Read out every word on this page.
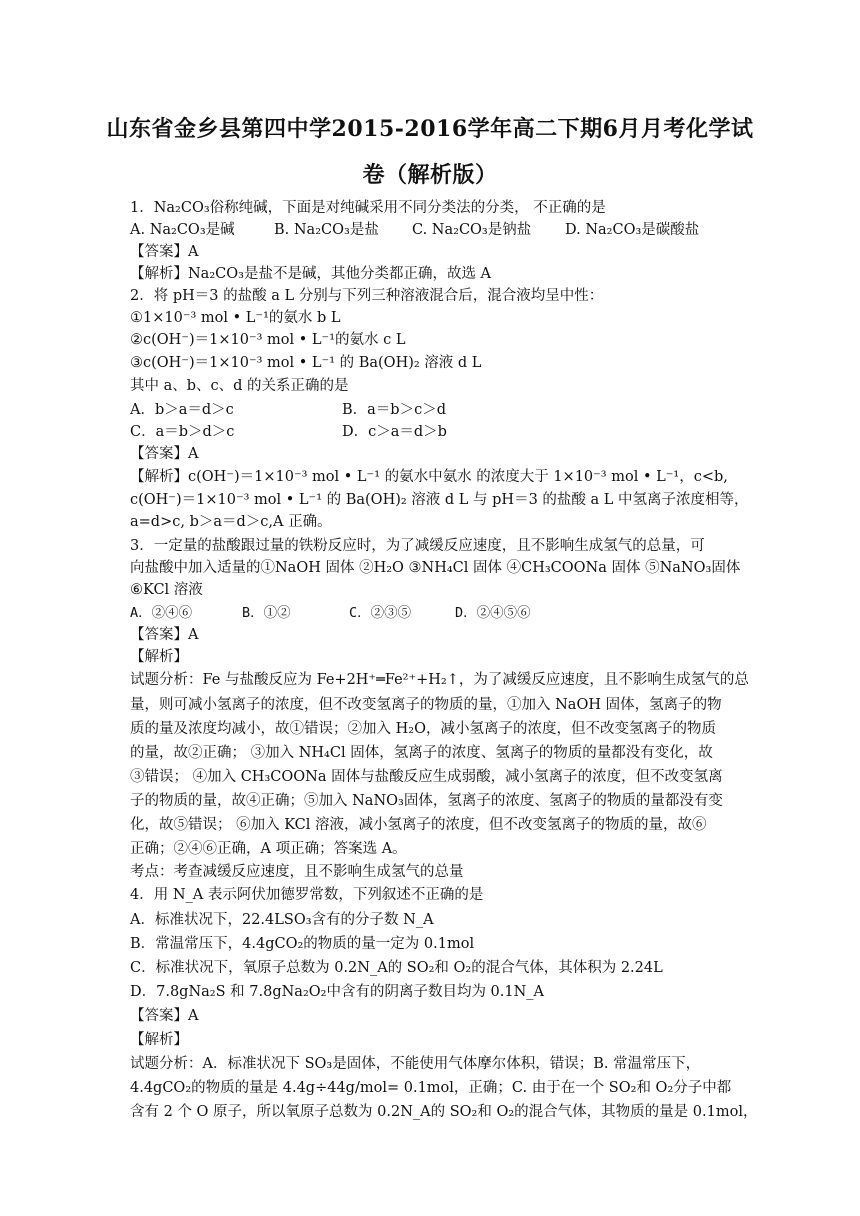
山东省金乡县第四中学2015-2016学年高二下期6月月考化学试
卷（解析版）
1．Na₂CO₃俗称纯碱，下面是对纯碱采用不同分类法的分类， 不正确的是
A. Na₂CO₃是碱	B. Na₂CO₃是盐 C. Na₂CO₃是钠盐 D. Na₂CO₃是碳酸盐
【答案】A
【解析】Na₂CO₃是盐不是碱，其他分类都正确，故选 A
2．将 pH＝3 的盐酸 a L 分别与下列三种溶液混合后，混合液均呈中性：
①1×10⁻³ mol • L⁻¹的氨水 b L
②c(OH⁻)＝1×10⁻³ mol • L⁻¹的氨水 c L
③c(OH⁻)＝1×10⁻³ mol • L⁻¹ 的 Ba(OH)₂ 溶液 d L
其中 a、b、c、d 的关系正确的是
A．b＞a＝d＞c	B．a＝b＞c＞d
C．a＝b＞d＞c	D．c＞a＝d＞b
【答案】A
【解析】c(OH⁻)＝1×10⁻³ mol • L⁻¹ 的氨水中氨水 的浓度大于 1×10⁻³ mol • L⁻¹，c<b,
c(OH⁻)＝1×10⁻³ mol • L⁻¹ 的 Ba(OH)₂ 溶液 d L 与 pH＝3 的盐酸 a L 中氢离子浓度相等，
a=d>c, b＞a＝d＞c,A 正确。
3．一定量的盐酸跟过量的铁粉反应时，为了减缓反应速度，且不影响生成氢气的总量，可
向盐酸中加入适量的①NaOH 固体 ②H₂O ③NH₄Cl 固体 ④CH₃COONa 固体 ⑤NaNO₃固体
⑥KCl 溶液
A．②④⑥	B．①②	C．②③⑤	D．②④⑤⑥
【答案】A
【解析】
试题分析：Fe 与盐酸反应为 Fe+2H⁺═Fe²⁺+H₂↑，为了减缓反应速度，且不影响生成氢气的总
量，则可减小氢离子的浓度，但不改变氢离子的物质的量，①加入 NaOH 固体，氢离子的物
质的量及浓度均减小，故①错误；②加入 H₂O，减小氢离子的浓度，但不改变氢离子的物质
的量，故②正确； ③加入 NH₄Cl 固体，氢离子的浓度、氢离子的物质的量都没有变化，故
③错误； ④加入 CH₃COONa 固体与盐酸反应生成弱酸，减小氢离子的浓度，但不改变氢离
子的物质的量，故④正确；⑤加入 NaNO₃固体，氢离子的浓度、氢离子的物质的量都没有变
化，故⑤错误； ⑥加入 KCl 溶液，减小氢离子的浓度，但不改变氢离子的物质的量，故⑥
正确；②④⑥正确，A 项正确；答案选 A。
考点：考查减缓反应速度，且不影响生成氢气的总量
4．用 N_A 表示阿伏加德罗常数，下列叙述不正确的是
A．标准状况下，22.4LSO₃含有的分子数 N_A
B．常温常压下，4.4gCO₂的物质的量一定为 0.1mol
C．标准状况下，氧原子总数为 0.2N_A的 SO₂和 O₂的混合气体，其体积为 2.24L
D．7.8gNa₂S 和 7.8gNa₂O₂中含有的阴离子数目均为 0.1N_A
【答案】A
【解析】
试题分析：A．标准状况下 SO₃是固体，不能使用气体摩尔体积，错误；B. 常温常压下，
4.4gCO₂的物质的量是 4.4g÷44g/mol= 0.1mol，正确；C. 由于在一个 SO₂和 O₂分子中都
含有 2 个 O 原子，所以氧原子总数为 0.2N_A的 SO₂和 O₂的混合气体，其物质的量是 0.1mol，
